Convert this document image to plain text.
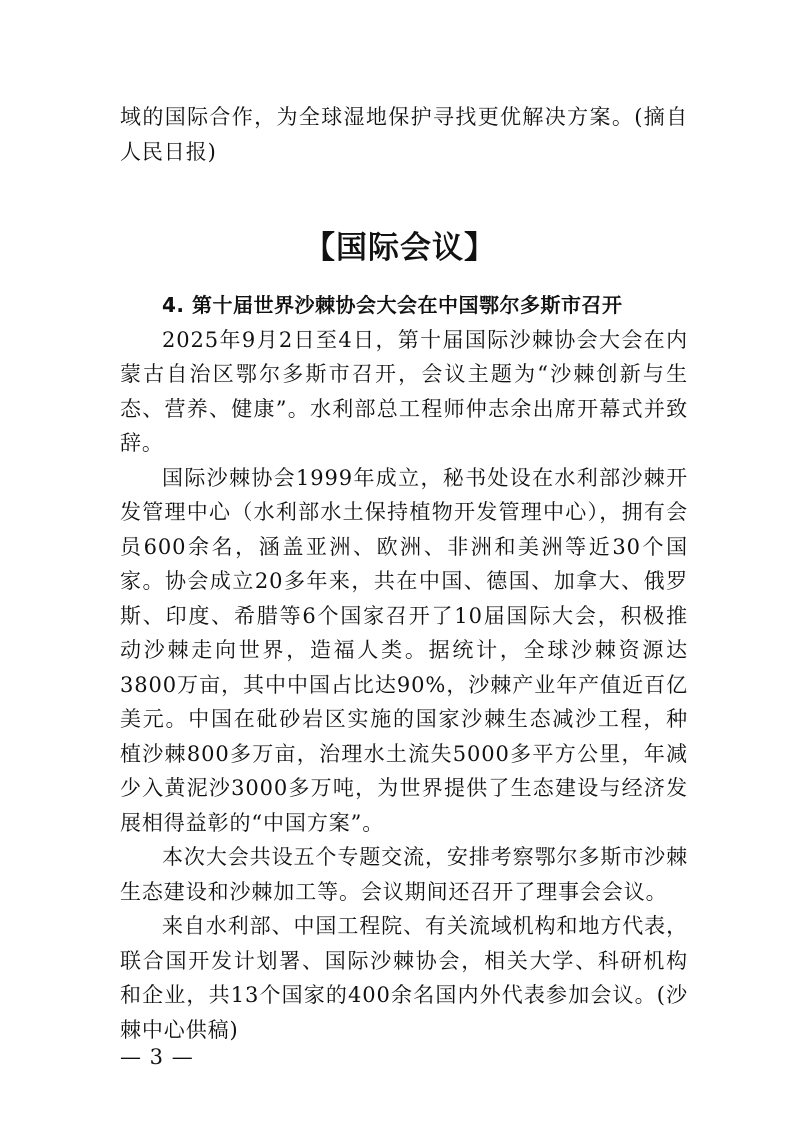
域的国际合作，为全球湿地保护寻找更优解决方案。(摘自人民日报)

【国际会议】

4. 第十届世界沙棘协会大会在中国鄂尔多斯市召开

2025年9月2日至4日，第十届国际沙棘协会大会在内蒙古自治区鄂尔多斯市召开，会议主题为“沙棘创新与生态、营养、健康”。水利部总工程师仲志余出席开幕式并致辞。

国际沙棘协会1999年成立，秘书处设在水利部沙棘开发管理中心（水利部水土保持植物开发管理中心），拥有会员600余名，涵盖亚洲、欧洲、非洲和美洲等近30个国家。协会成立20多年来，共在中国、德国、加拿大、俄罗斯、印度、希腊等6个国家召开了10届国际大会，积极推动沙棘走向世界，造福人类。据统计，全球沙棘资源达3800万亩，其中中国占比达90%，沙棘产业年产值近百亿美元。中国在砒砂岩区实施的国家沙棘生态减沙工程，种植沙棘800多万亩，治理水土流失5000多平方公里，年减少入黄泥沙3000多万吨，为世界提供了生态建设与经济发展相得益彰的“中国方案”。

本次大会共设五个专题交流，安排考察鄂尔多斯市沙棘生态建设和沙棘加工等。会议期间还召开了理事会会议。

来自水利部、中国工程院、有关流域机构和地方代表，联合国开发计划署、国际沙棘协会，相关大学、科研机构和企业，共13个国家的400余名国内外代表参加会议。(沙棘中心供稿)

— 3 —
